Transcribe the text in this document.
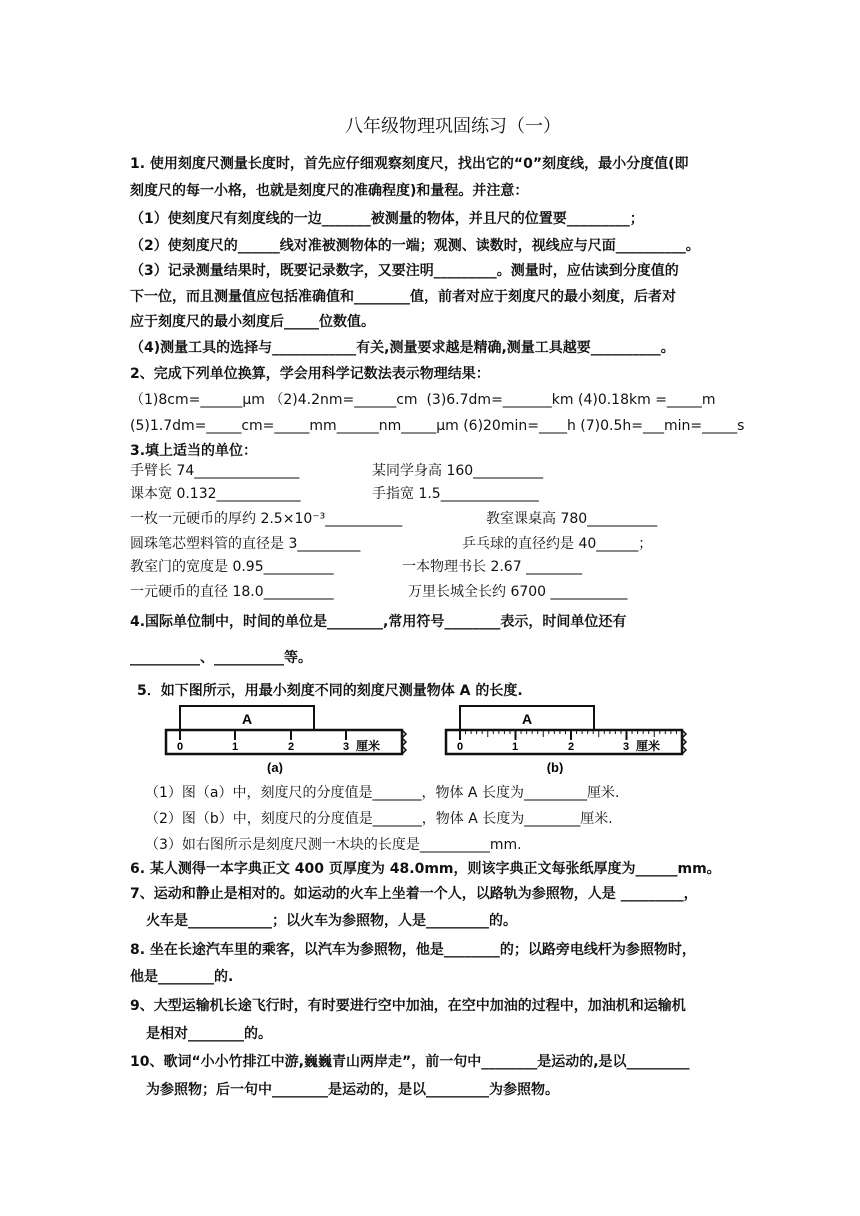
八年级物理巩固练习（一）
1. 使用刻度尺测量长度时，首先应仔细观察刻度尺，找出它的“0”刻度线，最小分度值(即
刻度尺的每一小格，也就是刻度尺的准确程度)和量程。并注意：
（1）使刻度尺有刻度线的一边_______被测量的物体，并且尺的位置要_________；
（2）使刻度尺的______线对准被测物体的一端；观测、读数时，视线应与尺面__________。
（3）记录测量结果时，既要记录数字，又要注明_________。测量时，应估读到分度值的
下一位，而且测量值应包括准确值和________值，前者对应于刻度尺的最小刻度，后者对
应于刻度尺的最小刻度后_____位数值。
（4)测量工具的选择与____________有关,测量要求越是精确,测量工具越要__________。
2、完成下列单位换算，学会用科学记数法表示物理结果：
（1)8cm=______μm （2)4.2nm=______cm  (3)6.7dm=_______km (4)0.18km =_____m
(5)1.7dm=_____cm=_____mm______nm_____μm (6)20min=____h (7)0.5h=___min=_____s
3.填上适当的单位：
手臂长 74_______________	某同学身高 160__________
课本宽 0.132____________	手指宽 1.5______________
一枚一元硬币的厚约 2.5×10⁻³___________	教室课桌高 780__________
圆珠笔芯塑料管的直径是 3_________	乒乓球的直径约是 40______；
教室门的宽度是 0.95__________	一本物理书长 2.67 ________
一元硬币的直径 18.0__________	万里长城全长约 6700 ___________
4.国际单位制中，时间的单位是________,常用符号________表示，时间单位还有
__________、__________等。
5．如下图所示，用最小刻度不同的刻度尺测量物体 A 的长度.
A
0	1	2	3 厘米
(a)
A
0	1	2	3 厘米
(b)
（1）图（a）中，刻度尺的分度值是_______，物体 A 长度为_________厘米.
（2）图（b）中，刻度尺的分度值是_______，物体 A 长度为________厘米.
（3）如右图所示是刻度尺测一木块的长度是__________mm.
6. 某人测得一本字典正文 400 页厚度为 48.0mm，则该字典正文每张纸厚度为______mm。
7、运动和静止是相对的。如运动的火车上坐着一个人，以路轨为参照物，人是 _________，
火车是____________；以火车为参照物，人是_________的。
8. 坐在长途汽车里的乘客，以汽车为参照物，他是________的；以路旁电线杆为参照物时，
他是________的.
9、大型运输机长途飞行时，有时要进行空中加油，在空中加油的过程中，加油机和运输机
是相对________的。
10、歌词“小小竹排江中游,巍巍青山两岸走”，前一句中________是运动的,是以_________
为参照物；后一句中________是运动的，是以_________为参照物。
